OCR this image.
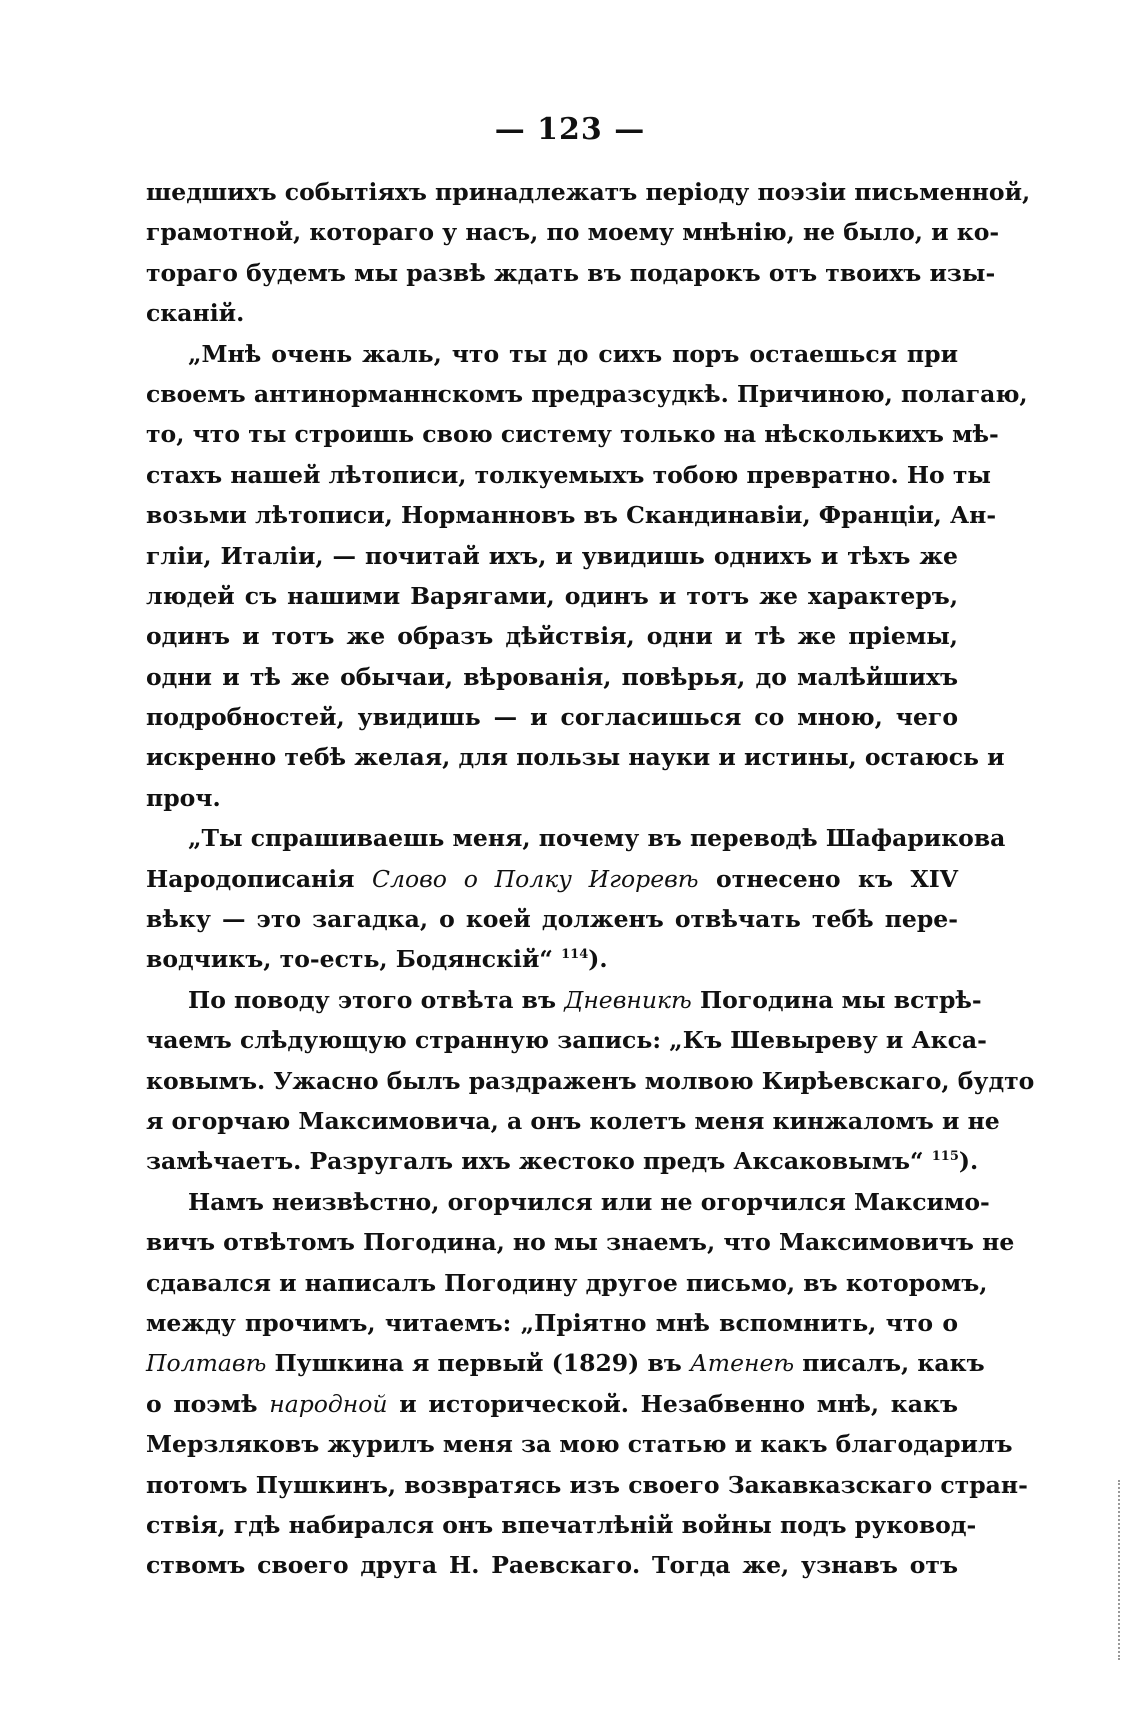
— 123 —
шедшихъ событіяхъ принадлежатъ періоду поэзіи письменной,
грамотной, котораго у насъ, по моему мнѣнію, не было, и ко-
тораго будемъ мы развѣ ждать въ подарокъ отъ твоихъ изы-
сканій.
„Мнѣ очень жаль, что ты до сихъ поръ остаешься при
своемъ антинорманнскомъ предразсудкѣ. Причиною, полагаю,
то, что ты строишь свою систему только на нѣсколькихъ мѣ-
стахъ нашей лѣтописи, толкуемыхъ тобою превратно. Но ты
возьми лѣтописи, Норманновъ въ Скандинавіи, Франціи, Ан-
гліи, Италіи, — почитай ихъ, и увидишь однихъ и тѣхъ же
людей съ нашими Варягами, одинъ и тотъ же характеръ,
одинъ и тотъ же образъ дѣйствія, одни и тѣ же пріемы,
одни и тѣ же обычаи, вѣрованія, повѣрья, до малѣйшихъ
подробностей, увидишь — и согласишься со мною, чего
искренно тебѣ желая, для пользы науки и истины, остаюсь и
проч.
„Ты спрашиваешь меня, почему въ переводѣ Шафарикова
Народописанія Слово о Полку Игоревѣ отнесено къ XIV
вѣку — это загадка, о коей долженъ отвѣчать тебѣ пере-
водчикъ, то-есть, Бодянскій“ $^{114}$).
По поводу этого отвѣта въ Дневникѣ Погодина мы встрѣ-
чаемъ слѣдующую странную запись: „Къ Шевыреву и Акса-
ковымъ. Ужасно былъ раздраженъ молвою Кирѣевскаго, будто
я огорчаю Максимовича, а онъ колетъ меня кинжаломъ и не
замѣчаетъ. Разругалъ ихъ жестоко предъ Аксаковымъ“ $^{115}$).
Намъ неизвѣстно, огорчился или не огорчился Максимо-
вичъ отвѣтомъ Погодина, но мы знаемъ, что Максимовичъ не
сдавался и написалъ Погодину другое письмо, въ которомъ,
между прочимъ, читаемъ: „Пріятно мнѣ вспомнить, что о
Полтавѣ Пушкина я первый (1829) въ Атенеѣ писалъ, какъ
о поэмѣ народной и исторической. Незабвенно мнѣ, какъ
Мерзляковъ журилъ меня за мою статью и какъ благодарилъ
потомъ Пушкинъ, возвратясь изъ своего Закавказскаго стран-
ствія, гдѣ набирался онъ впечатлѣній войны подъ руковод-
ствомъ своего друга Н. Раевскаго. Тогда же, узнавъ отъ
